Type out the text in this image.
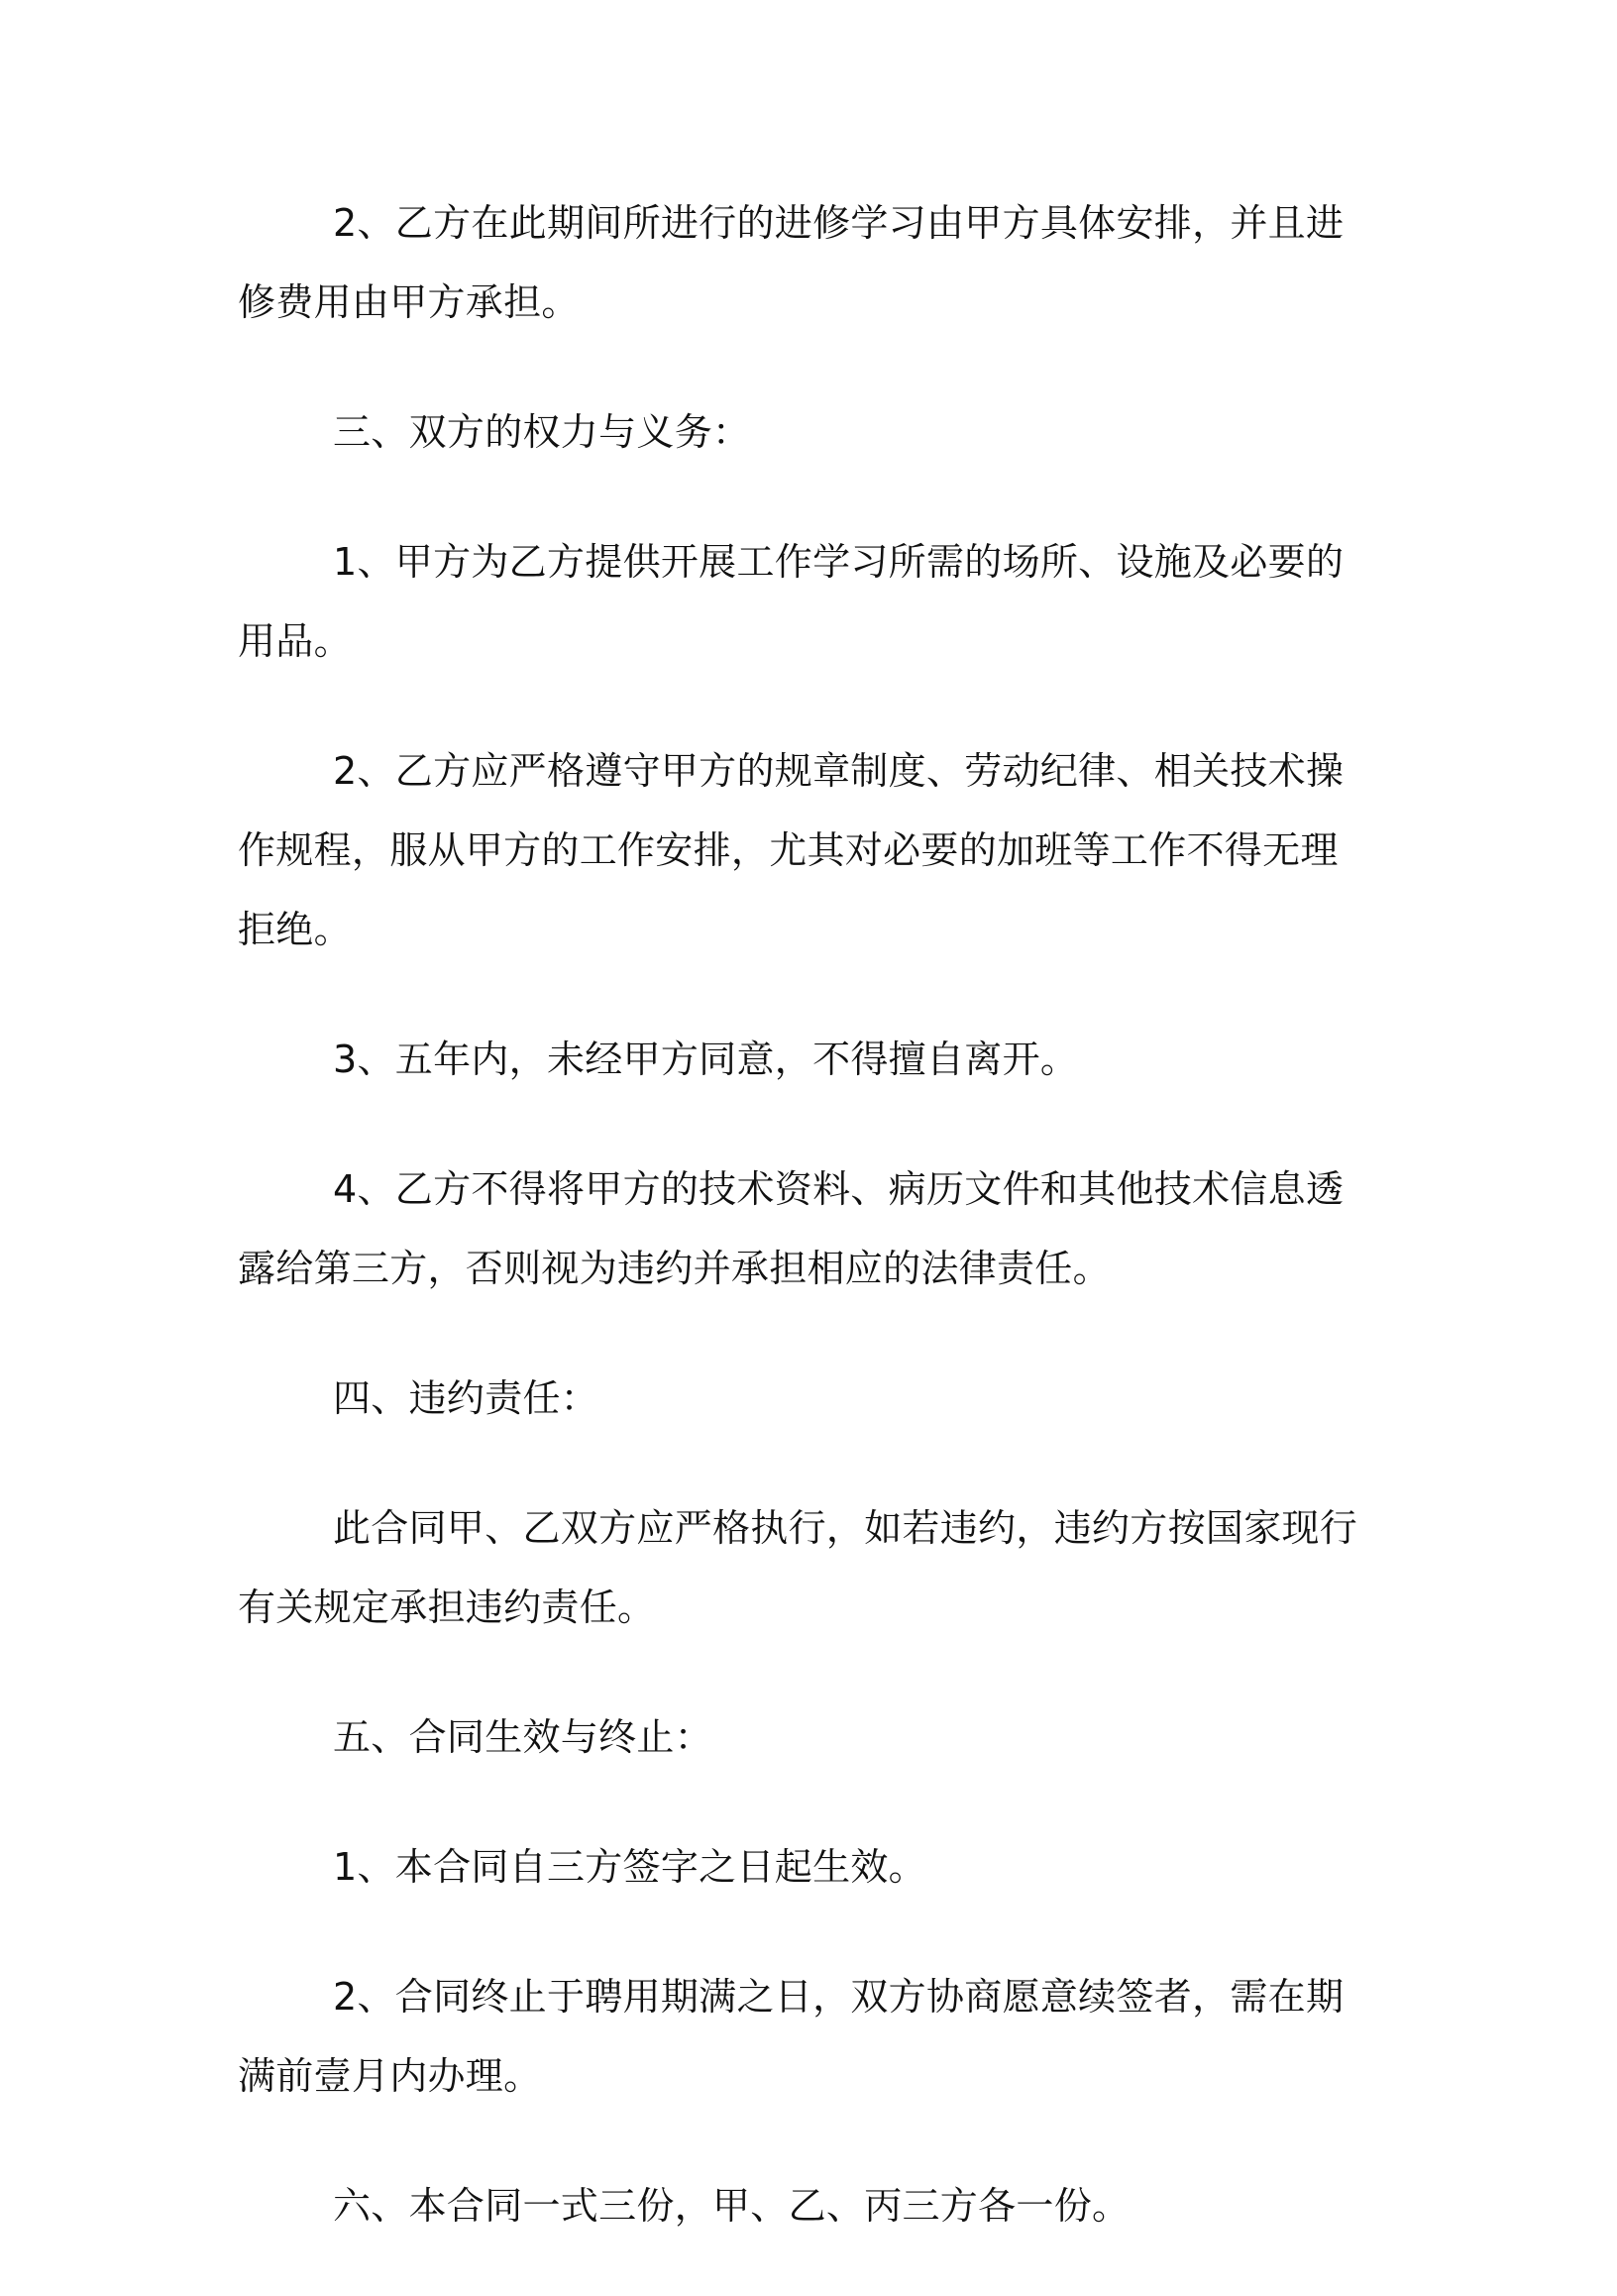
2、乙方在此期间所进行的进修学习由甲方具体安排，并且进修费用由甲方承担。

三、双方的权力与义务：

1、甲方为乙方提供开展工作学习所需的场所、设施及必要的用品。

2、乙方应严格遵守甲方的规章制度、劳动纪律、相关技术操作规程，服从甲方的工作安排，尤其对必要的加班等工作不得无理拒绝。

3、五年内，未经甲方同意，不得擅自离开。

4、乙方不得将甲方的技术资料、病历文件和其他技术信息透露给第三方，否则视为违约并承担相应的法律责任。

四、违约责任：

此合同甲、乙双方应严格执行，如若违约，违约方按国家现行有关规定承担违约责任。

五、合同生效与终止：

1、本合同自三方签字之日起生效。

2、合同终止于聘用期满之日，双方协商愿意续签者，需在期满前壹月内办理。

六、本合同一式三份，甲、乙、丙三方各一份。
